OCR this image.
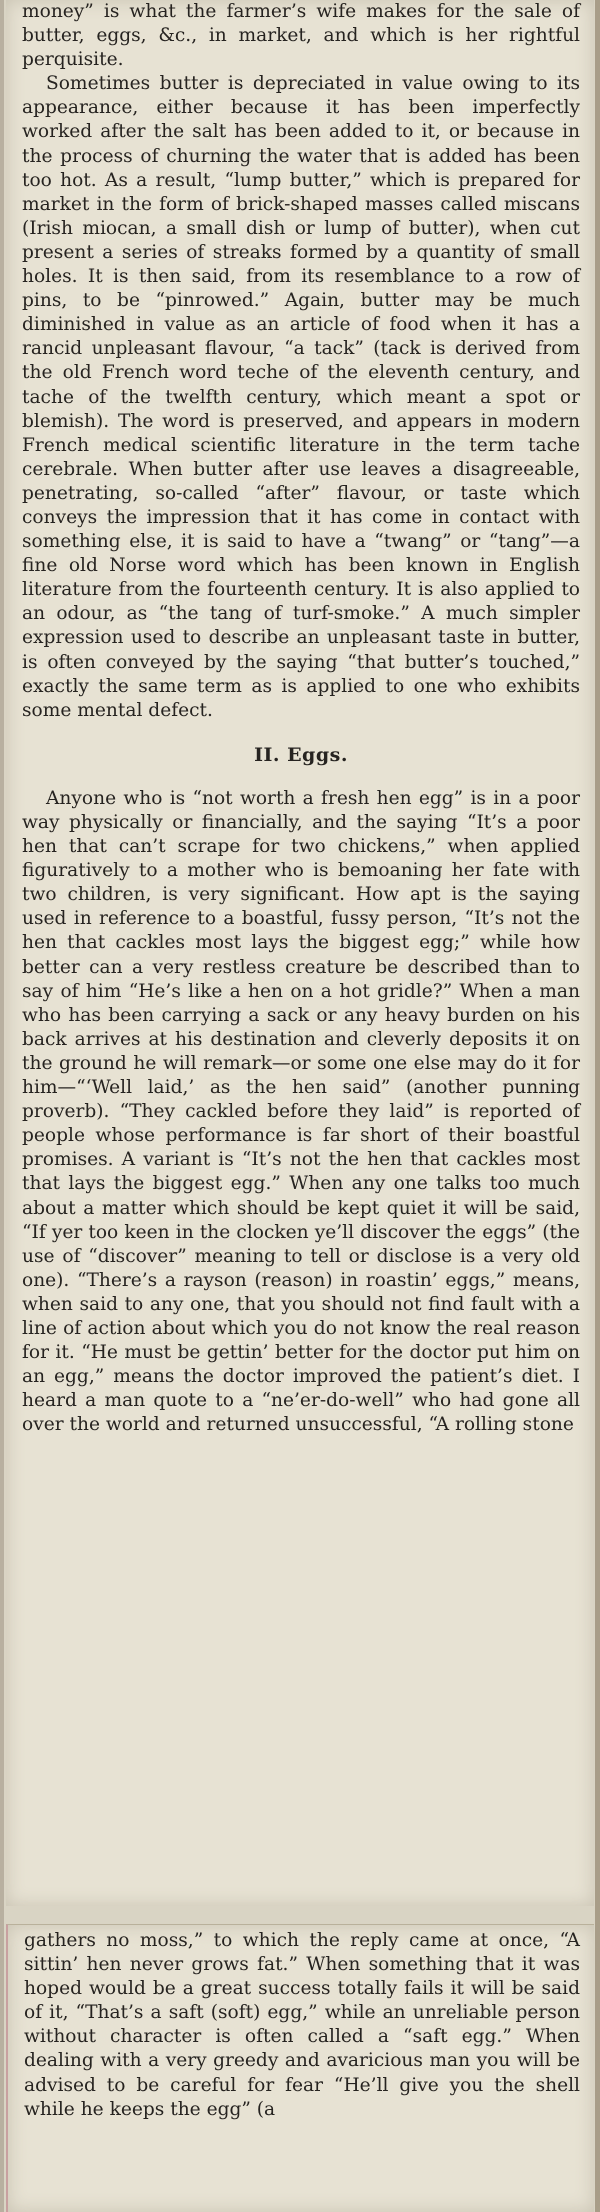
money” is what the farmer’s wife makes for the sale of butter, eggs, &c., in market, and which is her rightful perquisite.

Sometimes butter is depreciated in value owing to its appearance, either because it has been imperfectly worked after the salt has been added to it, or because in the process of churning the water that is added has been too hot. As a result, “lump butter,” which is prepared for market in the form of brick-shaped masses called miscans (Irish miocan, a small dish or lump of butter), when cut present a series of streaks formed by a quantity of small holes. It is then said, from its resemblance to a row of pins, to be “pinrowed.” Again, butter may be much diminished in value as an article of food when it has a rancid unpleasant flavour, “a tack” (tack is derived from the old French word teche of the eleventh century, and tache of the twelfth century, which meant a spot or blemish). The word is preserved, and appears in modern French medical scientific literature in the term tache cerebrale. When butter after use leaves a disagreeable, penetrating, so-called “after” flavour, or taste which conveys the impression that it has come in contact with something else, it is said to have a “twang” or “tang”—a fine old Norse word which has been known in English literature from the fourteenth century. It is also applied to an odour, as “the tang of turf-smoke.” A much simpler expression used to describe an unpleasant taste in butter, is often conveyed by the saying “that butter’s touched,” exactly the same term as is applied to one who exhibits some mental defect.

II. Eggs.

Anyone who is “not worth a fresh hen egg” is in a poor way physically or financially, and the saying “It’s a poor hen that can’t scrape for two chickens,” when applied figuratively to a mother who is bemoaning her fate with two children, is very significant. How apt is the saying used in reference to a boastful, fussy person, “It’s not the hen that cackles most lays the biggest egg;” while how better can a very restless creature be described than to say of him “He’s like a hen on a hot gridle?” When a man who has been carrying a sack or any heavy burden on his back arrives at his destination and cleverly deposits it on the ground he will remark—or some one else may do it for him—“‘Well laid,’ as the hen said” (another punning proverb). “They cackled before they laid” is reported of people whose performance is far short of their boastful promises. A variant is “It’s not the hen that cackles most that lays the biggest egg.” When any one talks too much about a matter which should be kept quiet it will be said, “If yer too keen in the clocken ye’ll discover the eggs” (the use of “discover” meaning to tell or disclose is a very old one). “There’s a rayson (reason) in roastin’ eggs,” means, when said to any one, that you should not find fault with a line of action about which you do not know the real reason for it. “He must be gettin’ better for the doctor put him on an egg,” means the doctor improved the patient’s diet. I heard a man quote to a “ne’er-do-well” who had gone all over the world and returned unsuccessful, “A rolling stone

gathers no moss,” to which the reply came at once, “A sittin’ hen never grows fat.” When something that it was hoped would be a great success totally fails it will be said of it, “That’s a saft (soft) egg,” while an unreliable person without character is often called a “saft egg.” When dealing with a very greedy and avaricious man you will be advised to be careful for fear “He’ll give you the shell while he keeps the egg” (a
